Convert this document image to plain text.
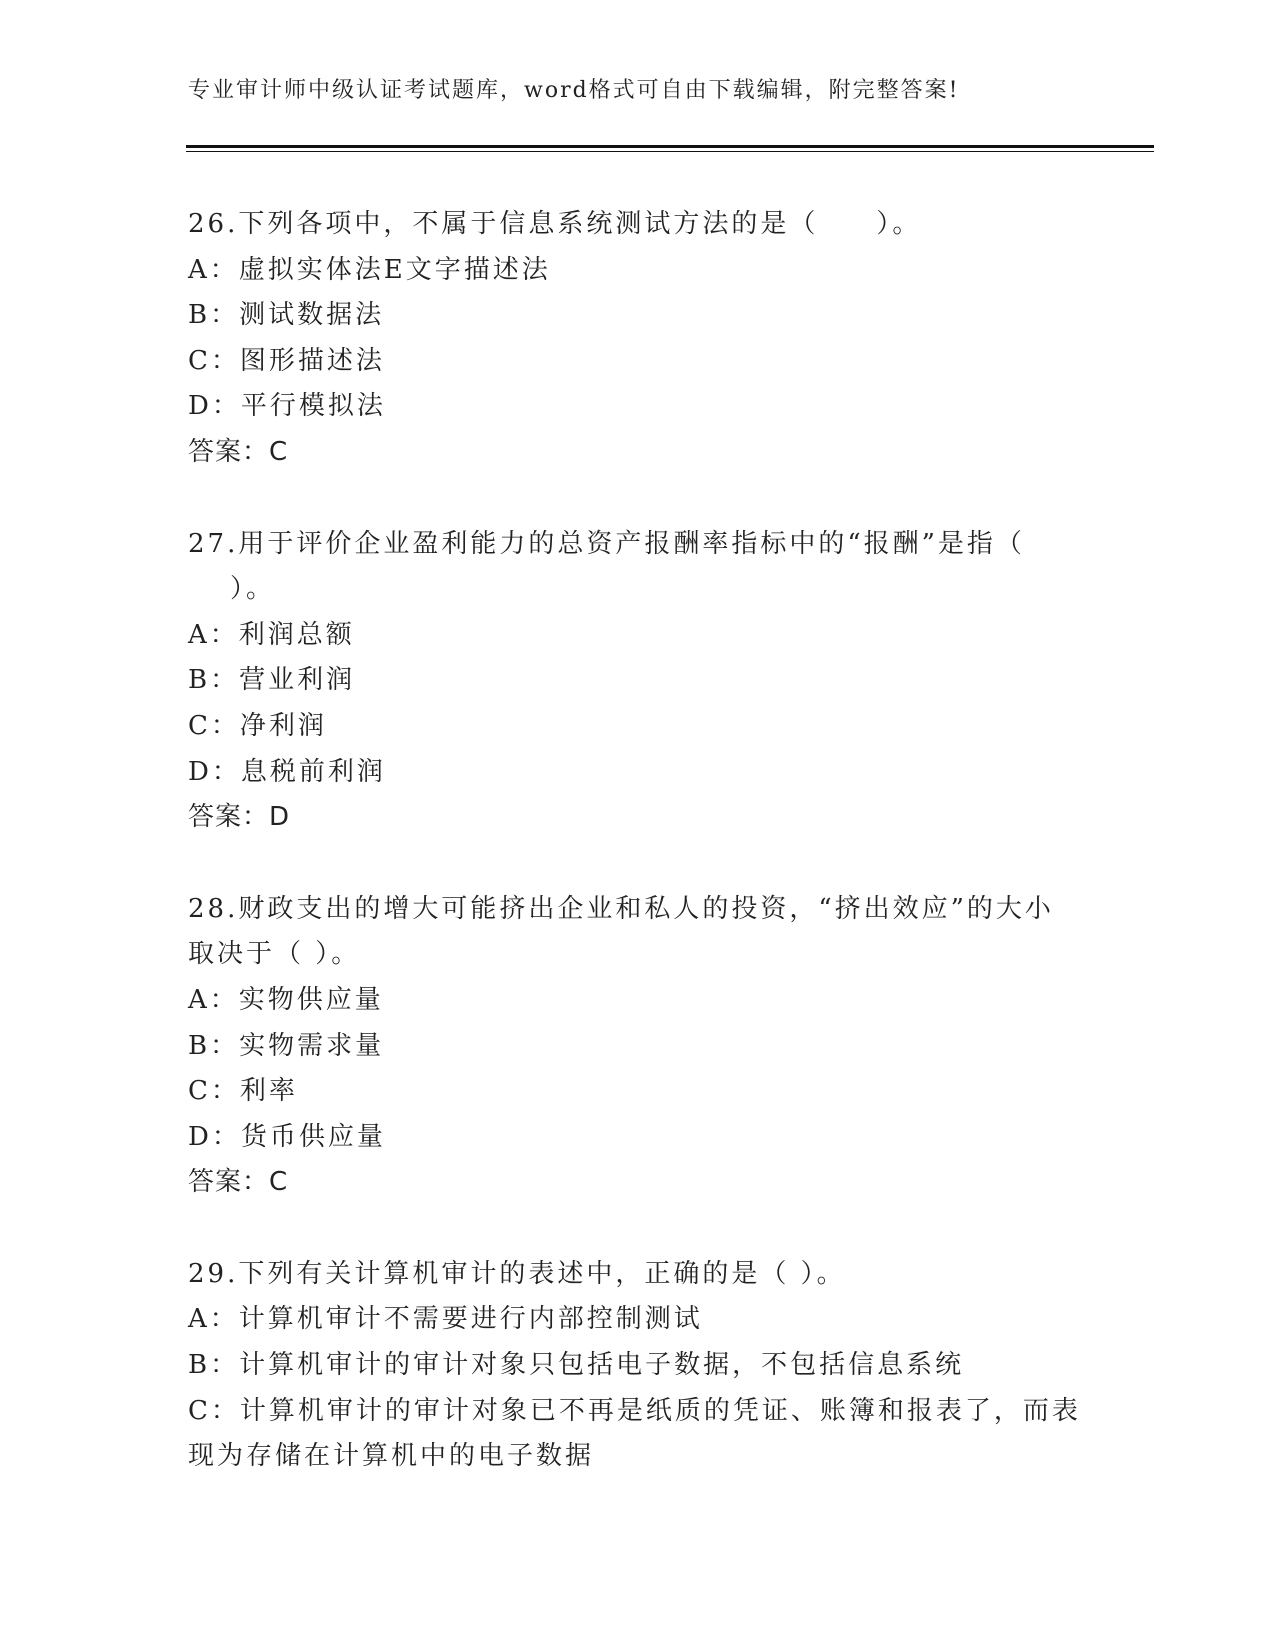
专业审计师中级认证考试题库，word格式可自由下载编辑，附完整答案!
26.下列各项中，不属于信息系统测试方法的是（　　）。
A：虚拟实体法E文字描述法
B：测试数据法
C：图形描述法
D：平行模拟法
答案：C
27.用于评价企业盈利能力的总资产报酬率指标中的“报酬”是指（
）。
A：利润总额
B：营业利润
C：净利润
D：息税前利润
答案：D
28.财政支出的增大可能挤出企业和私人的投资，“挤出效应”的大小
取决于（ ）。
A：实物供应量
B：实物需求量
C：利率
D：货币供应量
答案：C
29.下列有关计算机审计的表述中，正确的是（ ）。
A：计算机审计不需要进行内部控制测试
B：计算机审计的审计对象只包括电子数据，不包括信息系统
C：计算机审计的审计对象已不再是纸质的凭证、账簿和报表了，而表
现为存储在计算机中的电子数据
